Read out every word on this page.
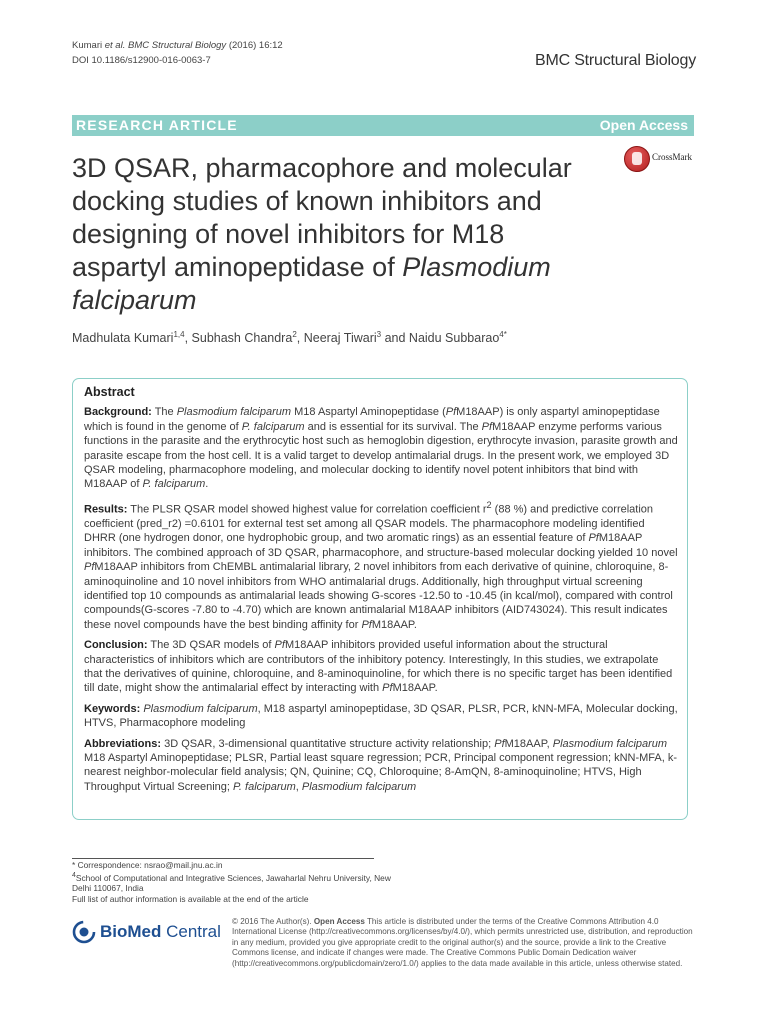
Kumari et al. BMC Structural Biology (2016) 16:12
DOI 10.1186/s12900-016-0063-7	BMC Structural Biology
RESEARCH ARTICLE	Open Access
CrossMark
3D QSAR, pharmacophore and molecular
docking studies of known inhibitors and
designing of novel inhibitors for M18
aspartyl aminopeptidase of Plasmodium
falciparum
Madhulata Kumari$^{1,4}$, Subhash Chandra$^2$, Neeraj Tiwari$^3$ and Naidu Subbarao$^{4*}$
Abstract

Background: The Plasmodium falciparum M18 Aspartyl Aminopeptidase (PfM18AAP) is only aspartyl aminopeptidase which is found in the genome of P. falciparum and is essential for its survival. The PfM18AAP enzyme performs various functions in the parasite and the erythrocytic host such as hemoglobin digestion, erythrocyte invasion, parasite growth and parasite escape from the host cell. It is a valid target to develop antimalarial drugs. In the present work, we employed 3D QSAR modeling, pharmacophore modeling, and molecular docking to identify novel potent inhibitors that bind with M18AAP of P. falciparum.

Results: The PLSR QSAR model showed highest value for correlation coefficient $r^2$ (88 %) and predictive correlation coefficient (pred_r2) =0.6101 for external test set among all QSAR models. The pharmacophore modeling identified DHRR (one hydrogen donor, one hydrophobic group, and two aromatic rings) as an essential feature of PfM18AAP inhibitors. The combined approach of 3D QSAR, pharmacophore, and structure-based molecular docking yielded 10 novel PfM18AAP inhibitors from ChEMBL antimalarial library, 2 novel inhibitors from each derivative of quinine, chloroquine, 8-aminoquinoline and 10 novel inhibitors from WHO antimalarial drugs. Additionally, high throughput virtual screening identified top 10 compounds as antimalarial leads showing G-scores -12.50 to -10.45 (in kcal/mol), compared with control compounds(G-scores -7.80 to -4.70) which are known antimalarial M18AAP inhibitors (AID743024). This result indicates these novel compounds have the best binding affinity for PfM18AAP.

Conclusion: The 3D QSAR models of PfM18AAP inhibitors provided useful information about the structural characteristics of inhibitors which are contributors of the inhibitory potency. Interestingly, In this studies, we extrapolate that the derivatives of quinine, chloroquine, and 8-aminoquinoline, for which there is no specific target has been identified till date, might show the antimalarial effect by interacting with PfM18AAP.

Keywords: Plasmodium falciparum, M18 aspartyl aminopeptidase, 3D QSAR, PLSR, PCR, kNN-MFA, Molecular docking, HTVS, Pharmacophore modeling

Abbreviations: 3D QSAR, 3-dimensional quantitative structure activity relationship; PfM18AAP, Plasmodium falciparum M18 Aspartyl Aminopeptidase; PLSR, Partial least square regression; PCR, Principal component regression; kNN-MFA, k-nearest neighbor-molecular field analysis; QN, Quinine; CQ, Chloroquine; 8-AmQN, 8-aminoquinoline; HTVS, High Throughput Virtual Screening; P. falciparum, Plasmodium falciparum

* Correspondence: nsrao@mail.jnu.ac.in
$^4$School of Computational and Integrative Sciences, Jawaharlal Nehru University, New Delhi 110067, India
Full list of author information is available at the end of the article
BioMed Central
© 2016 The Author(s). Open Access This article is distributed under the terms of the Creative Commons Attribution 4.0 International License (http://creativecommons.org/licenses/by/4.0/), which permits unrestricted use, distribution, and reproduction in any medium, provided you give appropriate credit to the original author(s) and the source, provide a link to the Creative Commons license, and indicate if changes were made. The Creative Commons Public Domain Dedication waiver (http://creativecommons.org/publicdomain/zero/1.0/) applies to the data made available in this article, unless otherwise stated.
